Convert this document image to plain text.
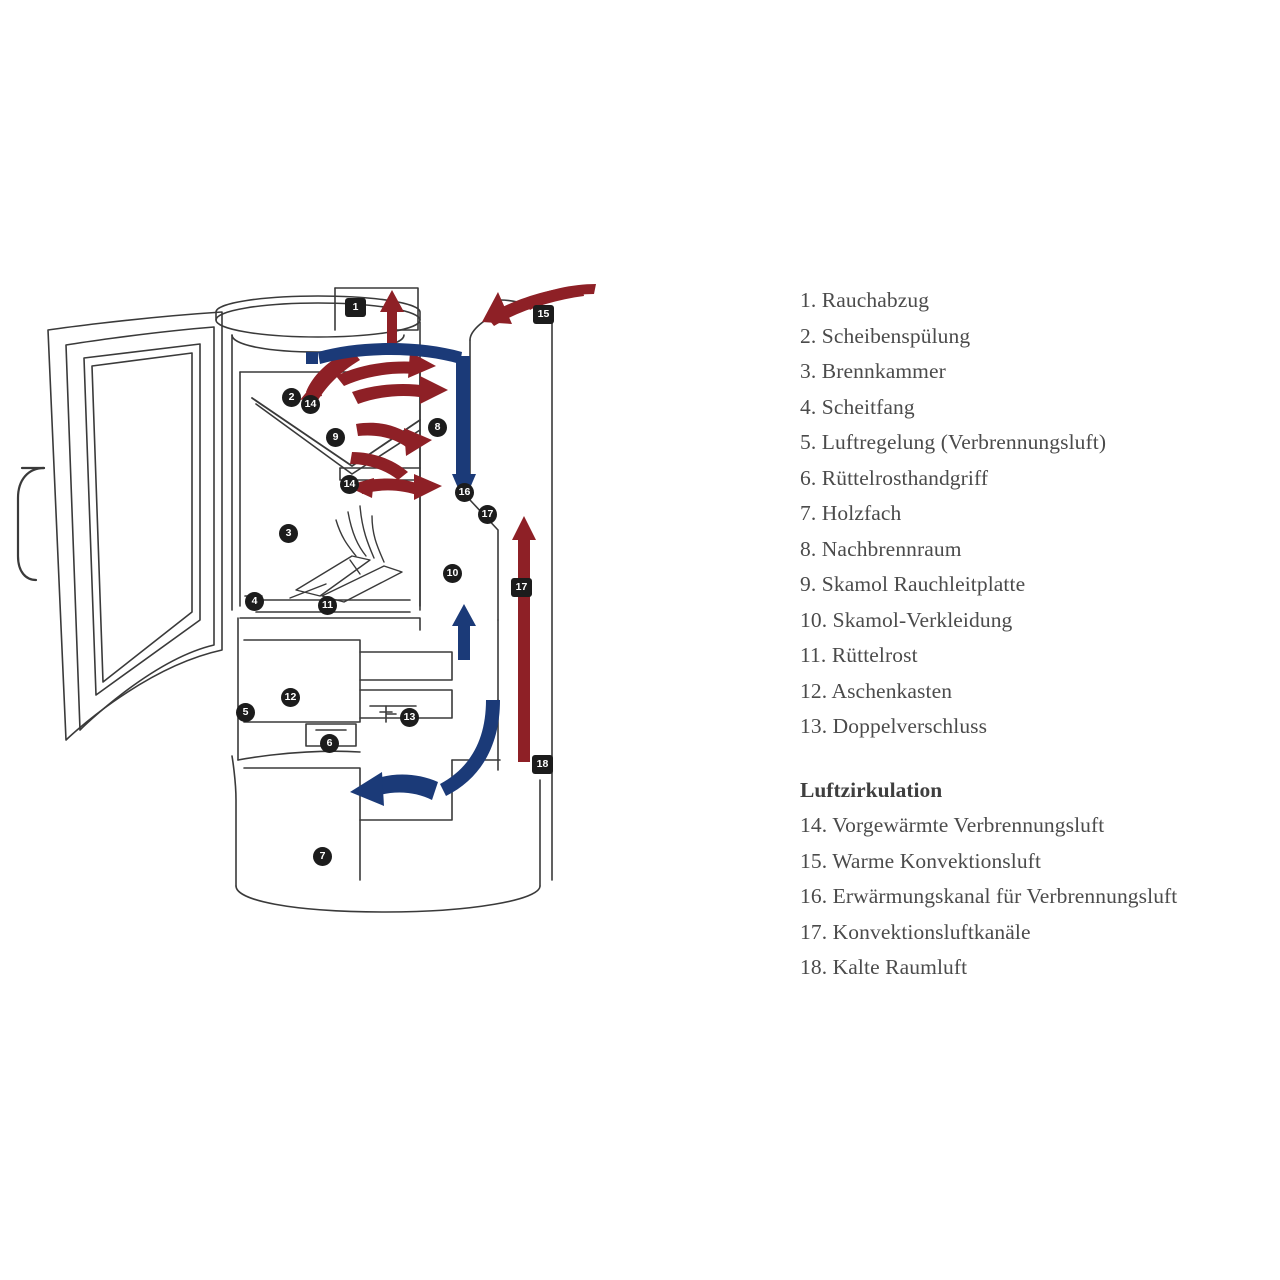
1
2
14
8
9
14
16
17
3
10
17
4	11
12
5	13
6
18
7
15
1. Rauchabzug
2. Scheibenspülung
3. Brennkammer
4. Scheitfang
5. Luftregelung (Verbrennungsluft)
6. Rüttelrosthandgriff
7. Holzfach
8. Nachbrennraum
9. Skamol Rauchleitplatte
10. Skamol-Verkleidung
11. Rüttelrost
12. Aschenkasten
13. Doppelverschluss
Luftzirkulation
14. Vorgewärmte Verbrennungsluft
15. Warme Konvektionsluft
16. Erwärmungskanal für Verbrennungsluft
17. Konvektionsluftkanäle
18. Kalte Raumluft
